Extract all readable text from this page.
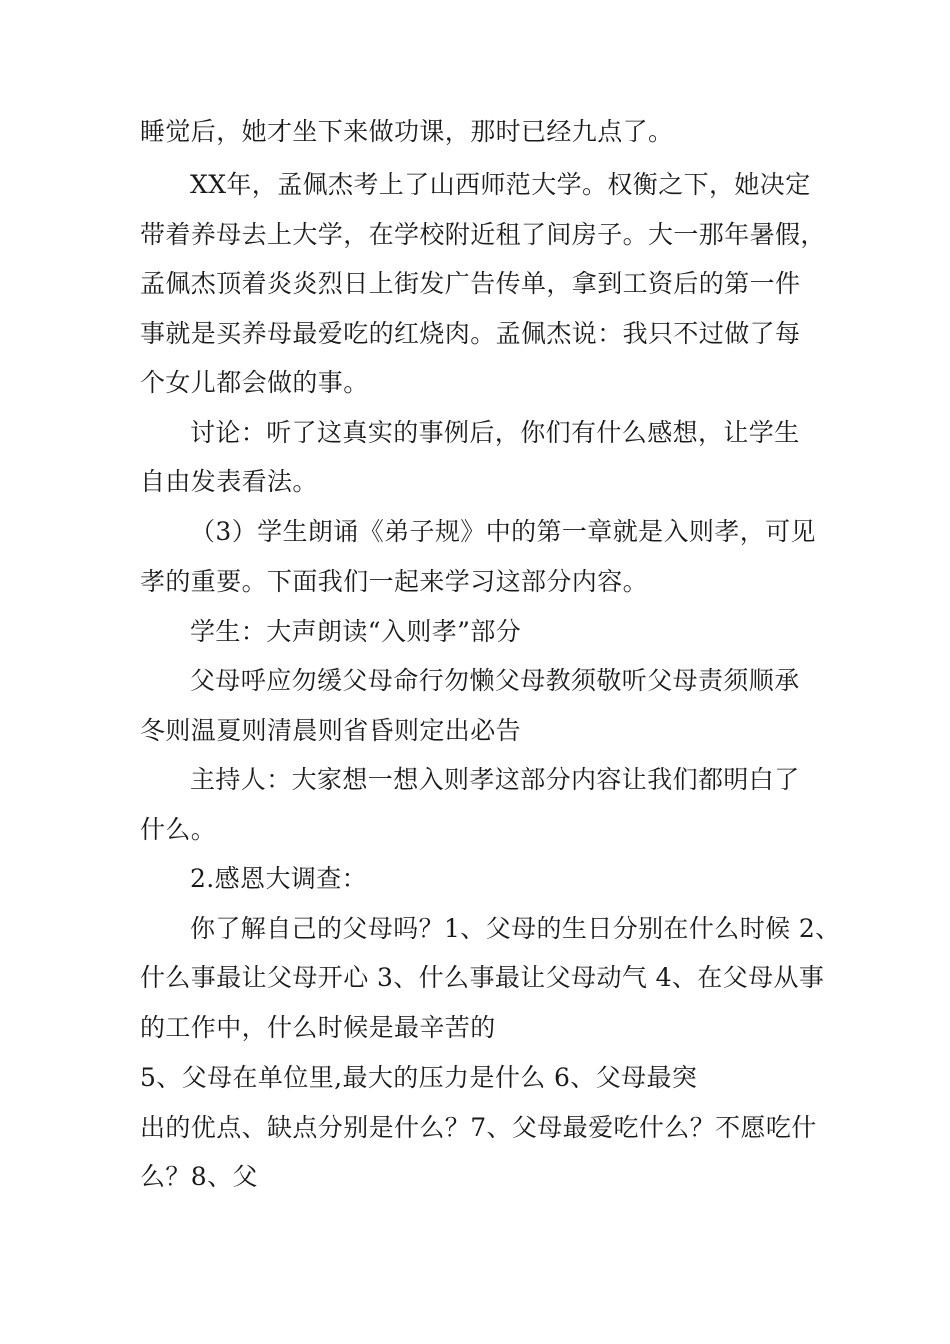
睡觉后，她才坐下来做功课，那时已经九点了。
XX年，孟佩杰考上了山西师范大学。权衡之下，她决定
带着养母去上大学，在学校附近租了间房子。大一那年暑假，
孟佩杰顶着炎炎烈日上街发广告传单，拿到工资后的第一件
事就是买养母最爱吃的红烧肉。孟佩杰说：我只不过做了每
个女儿都会做的事。
讨论：听了这真实的事例后，你们有什么感想，让学生
自由发表看法。
（3）学生朗诵《弟子规》中的第一章就是入则孝，可见
孝的重要。下面我们一起来学习这部分内容。
学生：大声朗读“入则孝”部分
父母呼应勿缓父母命行勿懒父母教须敬听父母责须顺承
冬则温夏则清晨则省昏则定出必告
主持人：大家想一想入则孝这部分内容让我们都明白了
什么。
2.感恩大调查：
你了解自己的父母吗？1、父母的生日分别在什么时候 2、
什么事最让父母开心 3、什么事最让父母动气 4、在父母从事
的工作中，什么时候是最辛苦的
5、父母在单位里,最大的压力是什么 6、父母最突
出的优点、缺点分别是什么？7、父母最爱吃什么？不愿吃什
么？8、父
